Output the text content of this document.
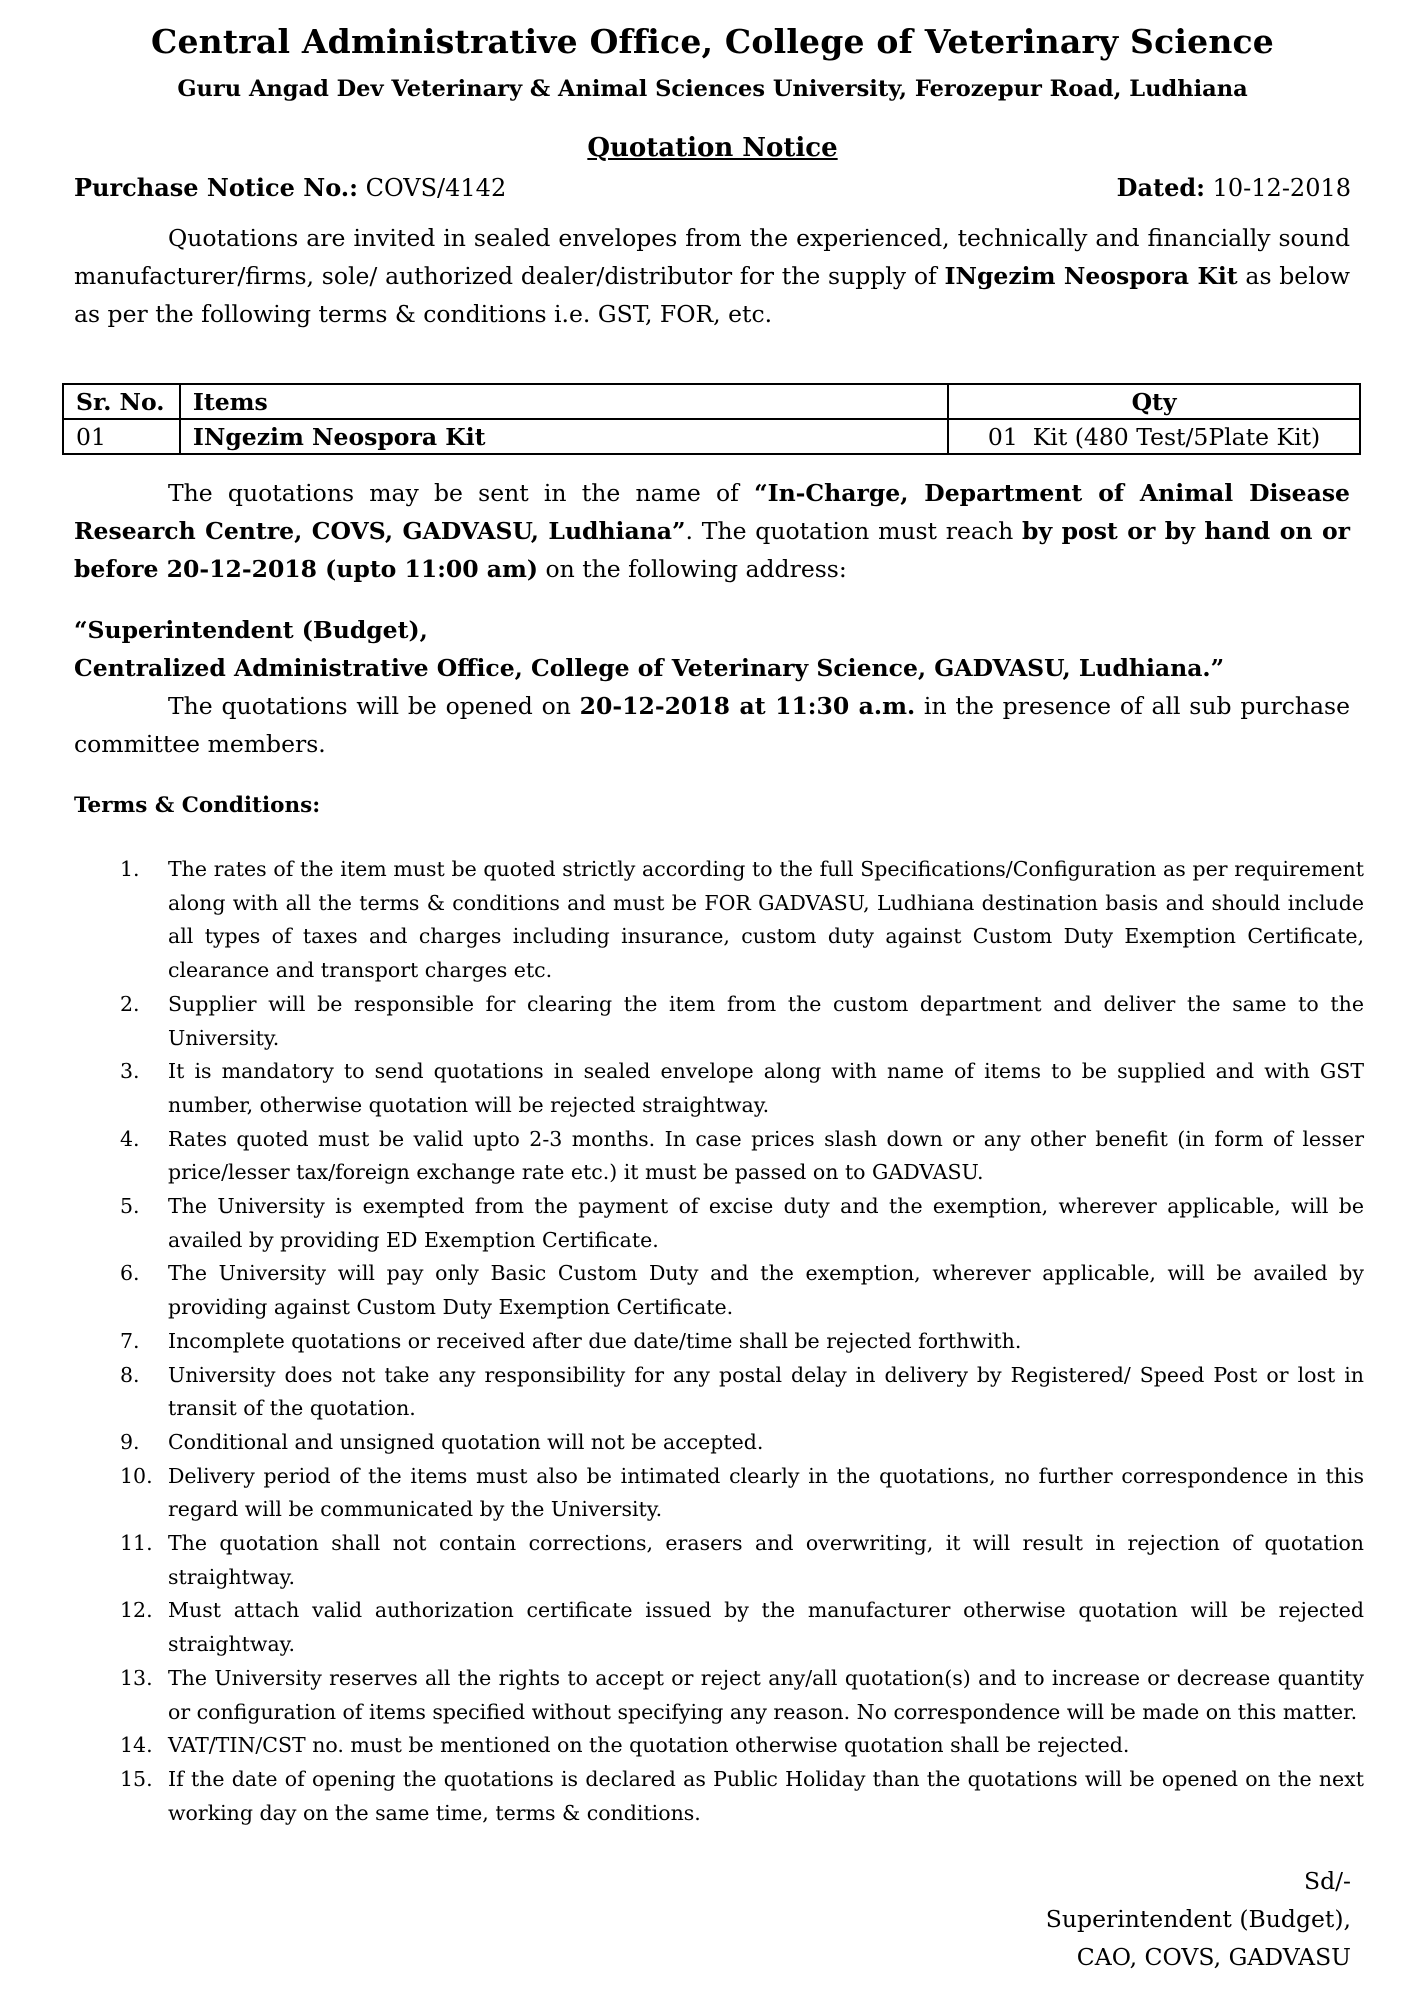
Central Administrative Office, College of Veterinary Science
Guru Angad Dev Veterinary & Animal Sciences University, Ferozepur Road, Ludhiana
Quotation Notice
Purchase Notice No.: COVS/4142	Dated: 10-12-2018

Quotations are invited in sealed envelopes from the experienced, technically and financially sound manufacturer/firms, sole/ authorized dealer/distributor for the supply of INgezim Neospora Kit as below as per the following terms & conditions i.e. GST, FOR, etc.

Sr. No.	Items	Qty
01	INgezim Neospora Kit	01  Kit (480 Test/5Plate Kit)

The quotations may be sent in the name of “In-Charge, Department of Animal Disease Research Centre, COVS, GADVASU, Ludhiana”. The quotation must reach by post or by hand on or before 20-12-2018 (upto 11:00 am) on the following address:

“Superintendent (Budget),
Centralized Administrative Office, College of Veterinary Science, GADVASU, Ludhiana.”

The quotations will be opened on 20-12-2018 at 11:30 a.m. in the presence of all sub purchase committee members.

Terms & Conditions:
1. The rates of the item must be quoted strictly according to the full Specifications/Configuration as per requirement along with all the terms & conditions and must be FOR GADVASU, Ludhiana destination basis and should include all types of taxes and charges including insurance, custom duty against Custom Duty Exemption Certificate, clearance and transport charges etc.
2. Supplier will be responsible for clearing the item from the custom department and deliver the same to the University.
3. It is mandatory to send quotations in sealed envelope along with name of items to be supplied and with GST number, otherwise quotation will be rejected straightway.
4. Rates quoted must be valid upto 2-3 months. In case prices slash down or any other benefit (in form of lesser price/lesser tax/foreign exchange rate etc.) it must be passed on to GADVASU.
5. The University is exempted from the payment of excise duty and the exemption, wherever applicable, will be availed by providing ED Exemption Certificate.
6. The University will pay only Basic Custom Duty and the exemption, wherever applicable, will be availed by providing against Custom Duty Exemption Certificate.
7. Incomplete quotations or received after due date/time shall be rejected forthwith.
8. University does not take any responsibility for any postal delay in delivery by Registered/ Speed Post or lost in transit of the quotation.
9. Conditional and unsigned quotation will not be accepted.
10. Delivery period of the items must also be intimated clearly in the quotations, no further correspondence in this regard will be communicated by the University.
11. The quotation shall not contain corrections, erasers and overwriting, it will result in rejection of quotation straightway.
12. Must attach valid authorization certificate issued by the manufacturer otherwise quotation will be rejected straightway.
13. The University reserves all the rights to accept or reject any/all quotation(s) and to increase or decrease quantity or configuration of items specified without specifying any reason. No correspondence will be made on this matter.
14. VAT/TIN/CST no. must be mentioned on the quotation otherwise quotation shall be rejected.
15. If the date of opening the quotations is declared as Public Holiday than the quotations will be opened on the next working day on the same time, terms & conditions.
Sd/-
Superintendent (Budget),
CAO, COVS, GADVASU
